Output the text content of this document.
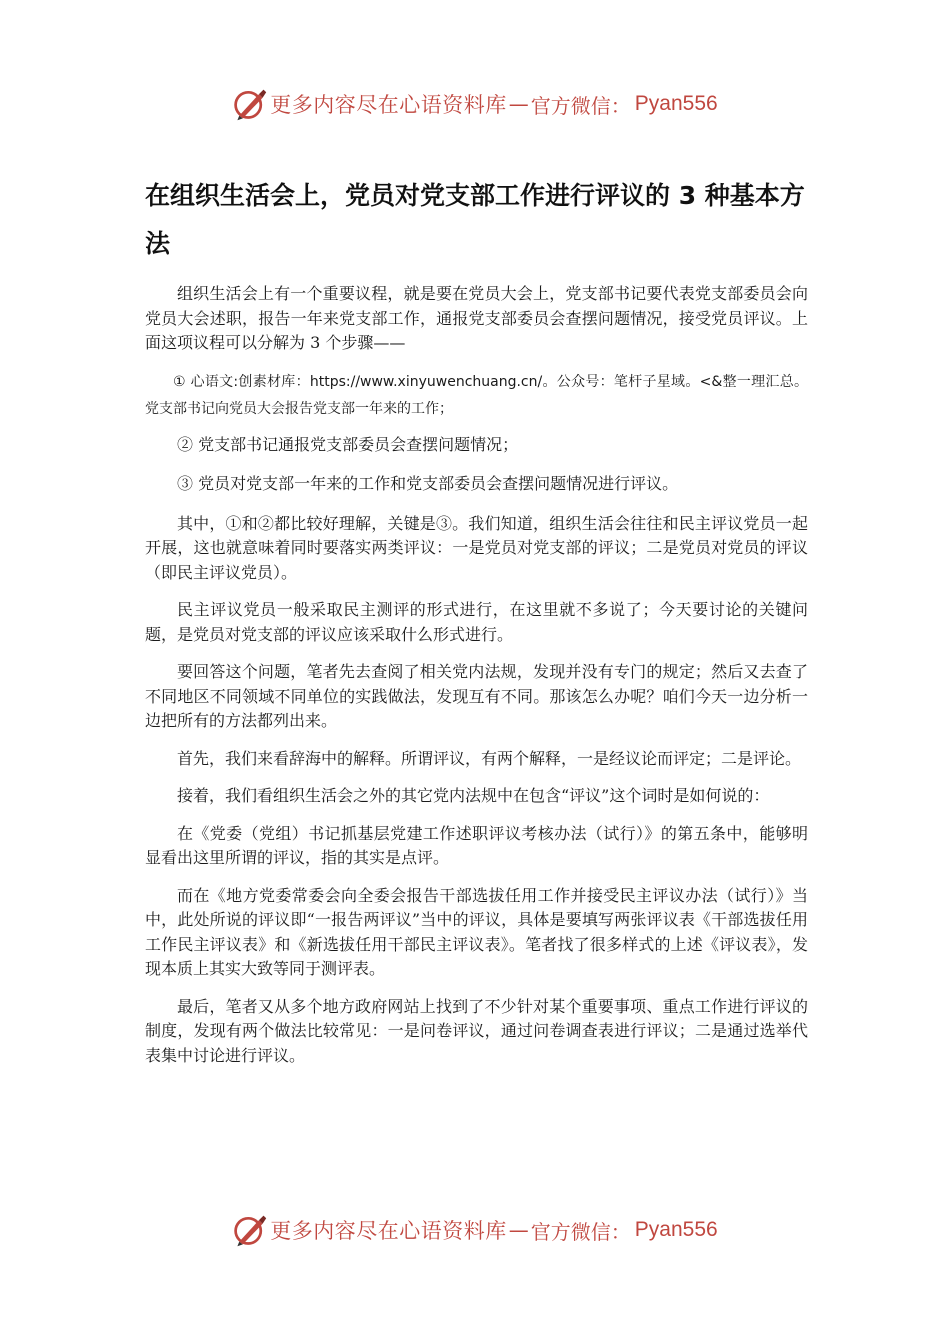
更多内容尽在心语资料库 — 官方微信： Pyan556
在组织生活会上，党员对党支部工作进行评议的 3 种基本方法

组织生活会上有一个重要议程，就是要在党员大会上，党支部书记要代表党支部委员会向党员大会述职，报告一年来党支部工作，通报党支部委员会查摆问题情况，接受党员评议。上面这项议程可以分解为 3 个步骤——

① 心语文:创素材库：https://www.xinyuwenchuang.cn/。公众号：笔杆子星域。<&整一理汇总。党支部书记向党员大会报告党支部一年来的工作；

② 党支部书记通报党支部委员会查摆问题情况；

③ 党员对党支部一年来的工作和党支部委员会查摆问题情况进行评议。

其中，①和②都比较好理解，关键是③。我们知道，组织生活会往往和民主评议党员一起开展，这也就意味着同时要落实两类评议：一是党员对党支部的评议；二是党员对党员的评议（即民主评议党员）。

民主评议党员一般采取民主测评的形式进行，在这里就不多说了；今天要讨论的关键问题，是党员对党支部的评议应该采取什么形式进行。

要回答这个问题，笔者先去查阅了相关党内法规，发现并没有专门的规定；然后又去查了不同地区不同领域不同单位的实践做法，发现互有不同。那该怎么办呢？咱们今天一边分析一边把所有的方法都列出来。

首先，我们来看辞海中的解释。所谓评议，有两个解释，一是经议论而评定；二是评论。

接着，我们看组织生活会之外的其它党内法规中在包含“评议”这个词时是如何说的：

在《党委（党组）书记抓基层党建工作述职评议考核办法（试行）》的第五条中，能够明显看出这里所谓的评议，指的其实是点评。

而在《地方党委常委会向全委会报告干部选拔任用工作并接受民主评议办法（试行）》当中，此处所说的评议即“一报告两评议”当中的评议，具体是要填写两张评议表《干部选拔任用工作民主评议表》和《新选拔任用干部民主评议表》。笔者找了很多样式的上述《评议表》，发现本质上其实大致等同于测评表。

最后，笔者又从多个地方政府网站上找到了不少针对某个重要事项、重点工作进行评议的制度，发现有两个做法比较常见：一是问卷评议，通过问卷调查表进行评议；二是通过选举代表集中讨论进行评议。

更多内容尽在心语资料库 — 官方微信： Pyan556
